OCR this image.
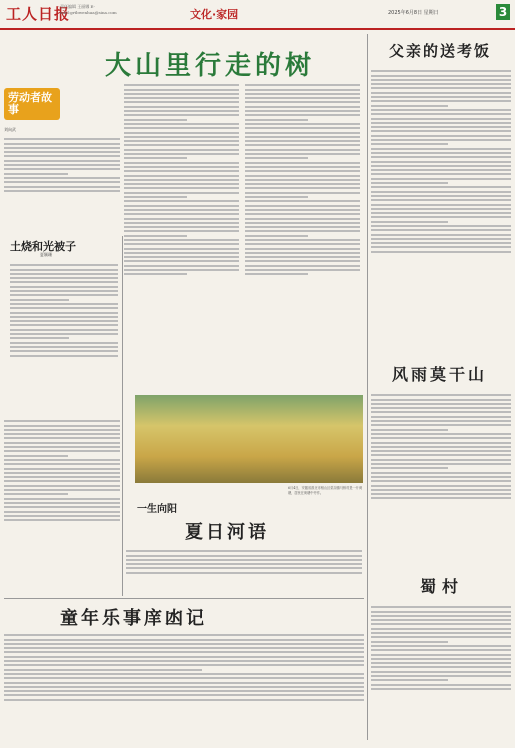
工人日报
责任编辑 王丽娜 E-mail:grtbwenhua@sina.com	文化·家园	2025年6月8日 星期日	3
大山里行走的树
劳动者故事
刘向武
土烧和光被子
夏颖珊
一生向阳
6月4日，安徽省淮北市相山区渠沟镇马桥村是一片荷塘，居民在荷塘中劳作。
夏日河语
童年乐事庠凼记
父亲的送考饭
风雨莫干山
蜀村
